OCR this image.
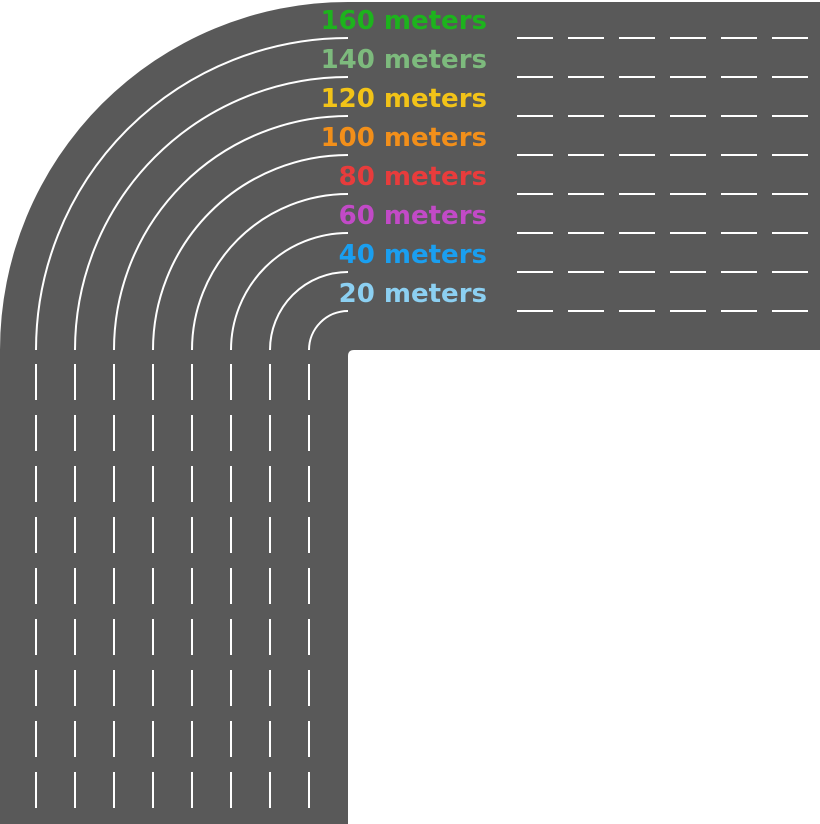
160 meters
140 meters
120 meters
100 meters
80 meters
60 meters
40 meters
20 meters
